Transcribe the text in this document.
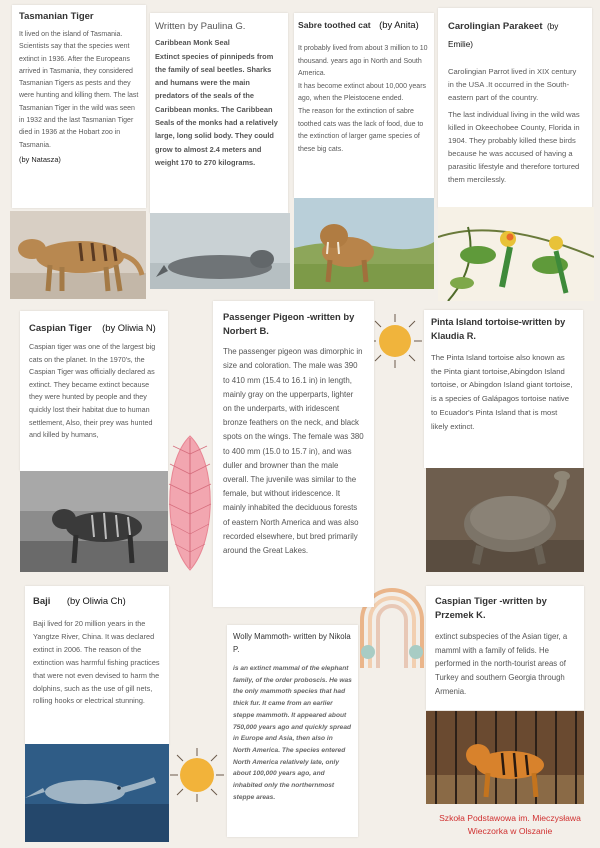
Tasmanian Tiger
It lived on the island of Tasmania. Scientists say that the species went extinct in 1936. After the Europeans arrived in Tasmania, they considered Tasmanian Tigers as pests and they were hunting and killing them. The last Tasmanian Tiger in the wild was seen in 1932 and the last Tasmanian Tiger died in 1936 at the Hobart zoo in Tasmania.
(by Natasza)
Written by Paulina G.
Caribbean Monk Seal
Extinct species of pinnipeds from the family of seal beetles. Sharks and humans were the main predators of the seals of the Caribbean monks. The Caribbean Seals of the monks had a relatively large, long solid body. They could grow to almost 2.4 meters and weight 170 to 270 kilograms.
Sabre toothed cat (by Anita)
It probably lived from about 3 million to 10 thousand. years ago in North and South America.
It has become extinct about 10,000 years ago, when the Pleistocene ended.
The reason for the extinction of sabre toothed cats was the lack of food, due to the extinction of larger game species of these big cats.
Carolingian Parakeet (by Emilie)
Carolingian Parrot lived in XIX century in the USA .It occurred in the South-eastern part of the country.
The last individual living in the wild was killed in Okeechobee County, Florida in 1904. They probably killed these birds because he was accused of having a parasitic lifestyle and therefore tortured them mercilessly.
Caspian Tiger (by Oliwia N)
Caspian tiger was one of the largest big cats on the planet. In the 1970's, the Caspian Tiger was officially declared as extinct. They became extinct because they were hunted by people and they quickly lost their habitat due to human settlement, Also, their prey was hunted and killed by humans,
Passenger Pigeon -written by Norbert B.
The passenger pigeon was dimorphic in size and coloration. The male was 390 to 410 mm (15.4 to 16.1 in) in length, mainly gray on the upperparts, lighter on the underparts, with iridescent bronze feathers on the neck, and black spots on the wings. The female was 380 to 400 mm (15.0 to 15.7 in), and was duller and browner than the male overall. The juvenile was similar to the female, but without iridescence. It mainly inhabited the deciduous forests of eastern North America and was also recorded elsewhere, but bred primarily around the Great Lakes.
Pinta Island tortoise-written by Klaudia R.
The Pinta Island tortoise also known as the Pinta giant tortoise,Abingdon Island tortoise, or Abingdon Island giant tortoise, is a species of Galápagos tortoise native to Ecuador's Pinta Island that is most likely extinct.
Baji (by Oliwia Ch)
Baji lived for 20 million years in the Yangtze River, China. It was declared extinct in 2006. The reason of the extinction was harmful fishing practices that were not even devised to harm the dolphins, such as the use of gill nets, rolling hooks or electrical stunning.
Wolly Mammoth- written by Nikola P.
is an extinct mammal of the elephant family, of the order proboscis. He was the only mammoth species that had thick fur. It came from an earlier steppe mammoth. It appeared about 750,000 years ago and quickly spread in Europe and Asia, then also in North America. The species entered North America relatively late, only about 100,000 years ago, and inhabited only the northernmost steppe areas.
Caspian Tiger -written by Przemek K.
extinct subspecies of the Asian tiger, a mamml with a family of felids. He performed in the north-tourist areas of Turkey and southern Georgia through Armenia.
Szkoła Podstawowa im. Mieczysława
Wieczorka w Olszanie
